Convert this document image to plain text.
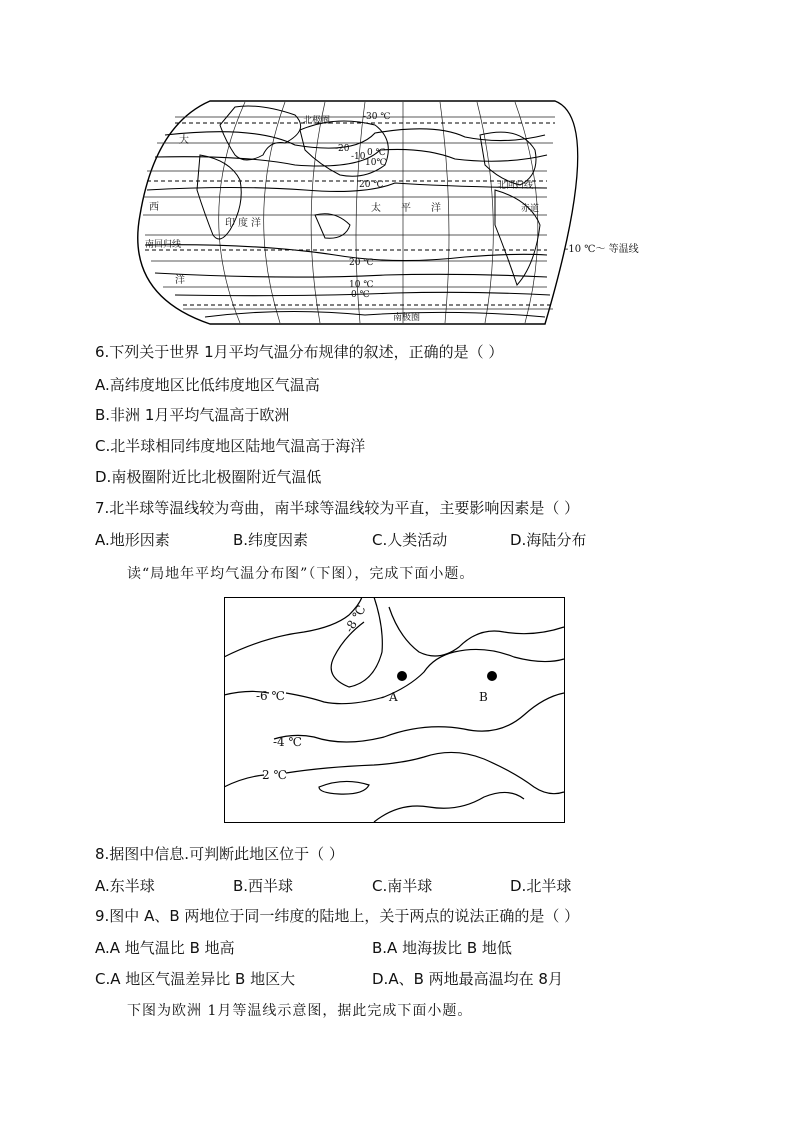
北极圈	-30 ℃
-20
-10 0 ℃
10℃
20 ℃	北回归线
西
印 度 洋
太 平 洋	赤道
大
南回归线
洋
20 ℃
10 ℃
0 ℃
南极圈
-10 ℃～ 等温线
6.下列关于世界 1月平均气温分布规律的叙述，正确的是（ ）
A.高纬度地区比低纬度地区气温高
B.非洲 1月平均气温高于欧洲
C.北半球相同纬度地区陆地气温高于海洋
D.南极圈附近比北极圈附近气温低
7.北半球等温线较为弯曲，南半球等温线较为平直，主要影响因素是（ ）
A.地形因素	B.纬度因素	C.人类活动	D.海陆分布
读“局地年平均气温分布图”（下图），完成下面小题。
A	B
-8 ℃
-6 ℃
-4 ℃
-2 ℃
8.据图中信息.可判断此地区位于（ ）
A.东半球	B.西半球	C.南半球	D.北半球
9.图中 A、B 两地位于同一纬度的陆地上，关于两点的说法正确的是（ ）
A.A 地气温比 B 地高	B.A 地海拔比 B 地低
C.A 地区气温差异比 B 地区大	D.A、B 两地最高温均在 8月
下图为欧洲 1月等温线示意图，据此完成下面小题。
